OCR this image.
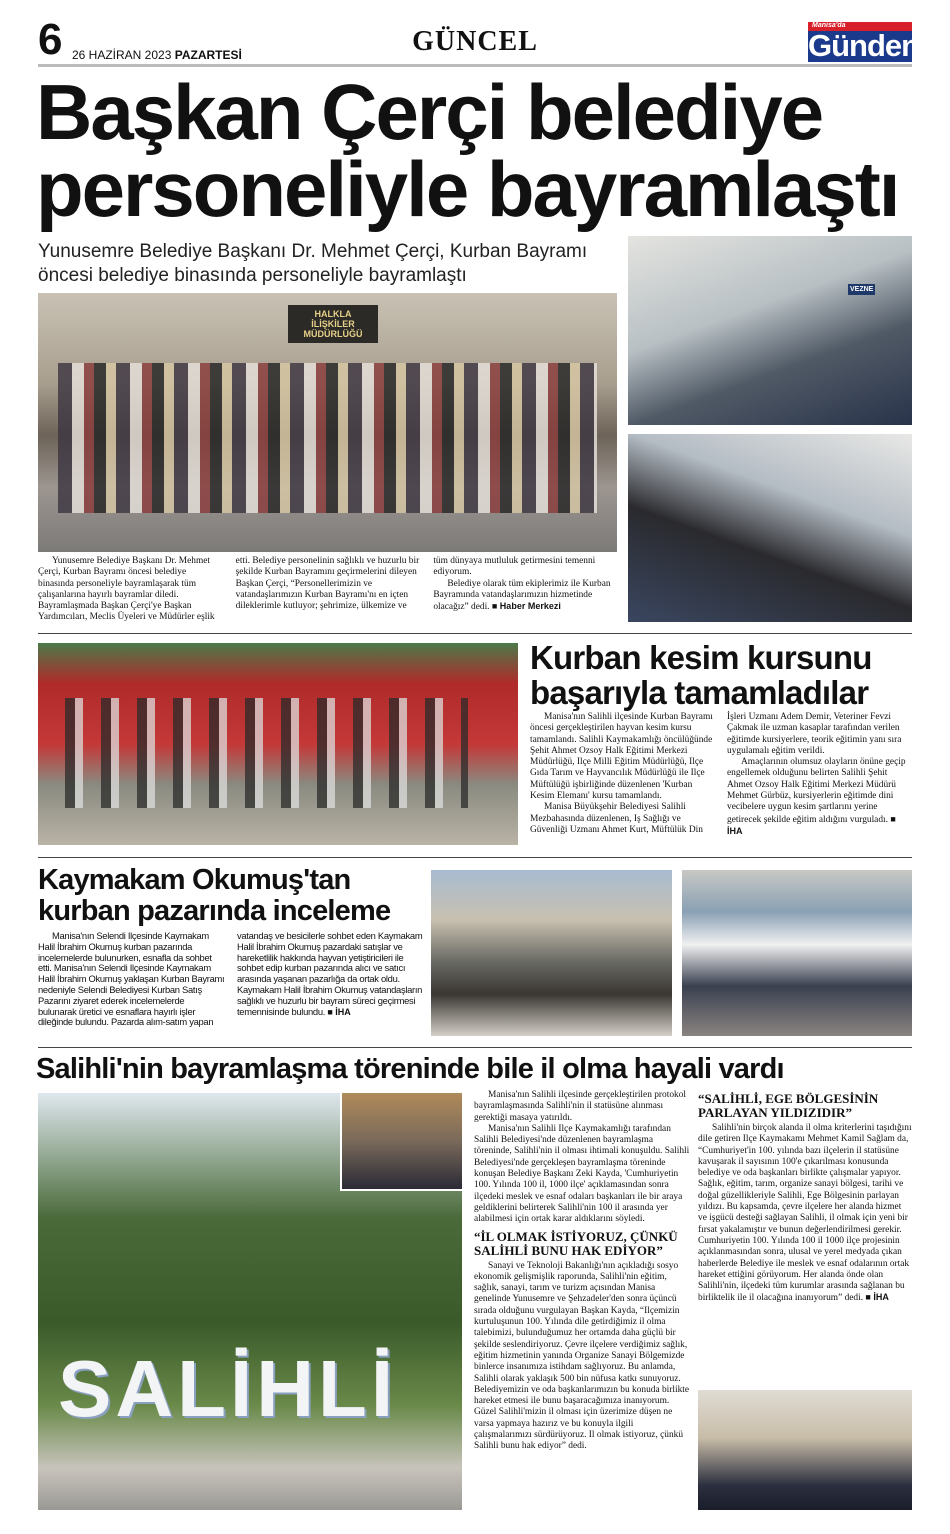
6 26 HAZİRAN 2023 PAZARTESİ	GÜNCEL
Manisa'da
Gündem
Başkan Çerçi belediye personeliyle bayramlaştı
Yunusemre Belediye Başkanı Dr. Mehmet Çerçi, Kurban Bayramı öncesi belediye binasında personeliyle bayramlaştı
HALKLA İLİŞKİLER MÜDÜRLÜĞÜ
VEZNE

Yunusemre Belediye Başkanı Dr. Mehmet Çerçi, Kurban Bayramı öncesi belediye binasında personeliyle bayramlaşarak tüm çalışanlarına hayırlı bayramlar diledi. Bayramlaşmada Başkan Çerçi'ye Başkan Yardımcıları, Meclis Üyeleri ve Müdürler eşlik etti. Belediye personelinin sağlıklı ve huzurlu bir şekilde Kurban Bayramını geçirmelerini dileyen Başkan Çerçi, “Personellerimizin ve vatandaşlarımızın Kurban Bayramı'nı en içten dileklerimle kutluyor; şehrimize, ülkemize ve tüm dünyaya mutluluk getirmesini temenni ediyorum.

Belediye olarak tüm ekiplerimiz ile Kurban Bayramında vatandaşlarımızın hizmetinde olacağız” dedi. ■ Haber Merkezi

Kurban kesim kursunu başarıyla tamamladılar

Manisa'nın Salihli ilçesinde Kurban Bayramı öncesi gerçekleştirilen hayvan kesim kursu tamamlandı. Salihli Kaymakamlığı öncülüğünde Şehit Ahmet Ozsoy Halk Eğitimi Merkezi Müdürlüğü, Ilçe Milli Eğitim Müdürlüğü, Ilçe Gıda Tarım ve Hayvancılık Müdürlüğü ile Ilçe Müftülüğü işbirliğinde düzenlenen 'Kurban Kesim Elemanı' kursu tamamlandı.

Manisa Büyükşehir Belediyesi Salihli Mezbahasında düzenlenen, Iş Sağlığı ve Güvenliği Uzmanı Ahmet Kurt, Müftülük Din İşleri Uzmanı Adem Demir, Veteriner Fevzi Çakmak ile uzman kasaplar tarafından verilen eğitimde kursiyerlere, teorik eğitimin yanı sıra uygulamalı eğitim verildi.

Amaçlarının olumsuz olayların önüne geçip engellemek olduğunu belirten Salihli Şehit Ahmet Ozsoy Halk Eğitimi Merkezi Müdürü Mehmet Gürbüz, kursiyerlerin eğitimde dini vecibelere uygun kesim şartlarını yerine getirecek şekilde eğitim aldığını vurguladı. ■ İHA

Kaymakam Okumuş'tan kurban pazarında inceleme

Manisa'nın Selendi Ilçesinde Kaymakam Halil İbrahim Okumuş kurban pazarında incelemelerde bulunurken, esnafla da sohbet etti. Manisa'nın Selendi Ilçesinde Kaymakam Halil İbrahim Okumuş yaklaşan Kurban Bayramı nedeniyle Selendi Belediyesi Kurban Satış Pazarını ziyaret ederek incelemelerde bulunarak üretici ve esnaflara hayırlı işler dileğinde bulundu. Pazarda alım-satım yapan vatandaş ve besicilerle sohbet eden Kaymakam Halil İbrahim Okumuş pazardaki satışlar ve hareketlilik hakkında hayvan yetiştiricileri ile sohbet edip kurban pazarında alıcı ve satıcı arasında yaşanan pazarlığa da ortak oldu. Kaymakam Halil İbrahim Okumuş vatandaşların sağlıklı ve huzurlu bir bayram süreci geçirmesi temennisinde bulundu. ■ İHA

Salihli'nin bayramlaşma töreninde bile il olma hayali vardı
SALİHLİ

Manisa'nın Salihli ilçesinde gerçekleştirilen protokol bayramlaşmasında Salihli'nin il statüsüne alınması gerektiği masaya yatırıldı.

Manisa'nın Salihli Ilçe Kaymakamlığı tarafından Salihli Belediyesi'nde düzenlenen bayramlaşma töreninde, Salihli'nin il olması ihtimali konuşuldu. Salihli Belediyesi'nde gerçekleşen bayramlaşma töreninde konuşan Belediye Başkanı Zeki Kayda, 'Cumhuriyetin 100. Yılında 100 il, 1000 ilçe' açıklamasından sonra ilçedeki meslek ve esnaf odaları başkanları ile bir araya geldiklerini belirterek Salihli'nin 100 il arasında yer alabilmesi için ortak karar aldıklarını söyledi.

“İL OLMAK İSTİYORUZ, ÇÜNKÜ SALİHLİ BUNU HAK EDİYOR”

Sanayi ve Teknoloji Bakanlığı'nın açıkladığı sosyo ekonomik gelişmişlik raporunda, Salihli'nin eğitim, sağlık, sanayi, tarım ve turizm açısından Manisa genelinde Yunusemre ve Şehzadeler'den sonra üçüncü sırada olduğunu vurgulayan Başkan Kayda, “Ilçemizin kurtuluşunun 100. Yılında dile getirdiğimiz il olma talebimizi, bulunduğumuz her ortamda daha güçlü bir şekilde seslendiriyoruz. Çevre ilçelere verdiğimiz sağlık, eğitim hizmetinin yanında Organize Sanayi Bölgemizde binlerce insanımıza istihdam sağlıyoruz. Bu anlamda, Salihli olarak yaklaşık 500 bin nüfusa katkı sunuyoruz. Belediyemizin ve oda başkanlarımızın bu konuda birlikte hareket etmesi ile bunu başaracağımıza inanıyorum. Güzel Salihli'mizin il olması için üzerimize düşen ne varsa yapmaya hazırız ve bu konuyla ilgili çalışmalarımızı sürdürüyoruz. Il olmak istiyoruz, çünkü Salihli bunu hak ediyor” dedi.

“SALİHLİ, EGE BÖLGESİNİN PARLAYAN YILDIZIDIR”

Salihli'nin birçok alanda il olma kriterlerini taşıdığını dile getiren Ilçe Kaymakamı Mehmet Kamil Sağlam da, “Cumhuriyet'in 100. yılında bazı ilçelerin il statüsüne kavuşarak il sayısının 100'e çıkarılması konusunda belediye ve oda başkanları birlikte çalışmalar yapıyor. Sağlık, eğitim, tarım, organize sanayi bölgesi, tarihi ve doğal güzellikleriyle Salihli, Ege Bölgesinin parlayan yıldızı. Bu kapsamda, çevre ilçelere her alanda hizmet ve işgücü desteği sağlayan Salihli, il olmak için yeni bir fırsat yakalamıştır ve bunun değerlendirilmesi gerekir. Cumhuriyetin 100. Yılında 100 il 1000 ilçe projesinin açıklanmasından sonra, ulusal ve yerel medyada çıkan haberlerde Belediye ile meslek ve esnaf odalarının ortak hareket ettiğini görüyorum. Her alanda önde olan Salihli'nin, ilçedeki tüm kurumlar arasında sağlanan bu birliktelik ile il olacağına inanıyorum” dedi. ■ İHA
